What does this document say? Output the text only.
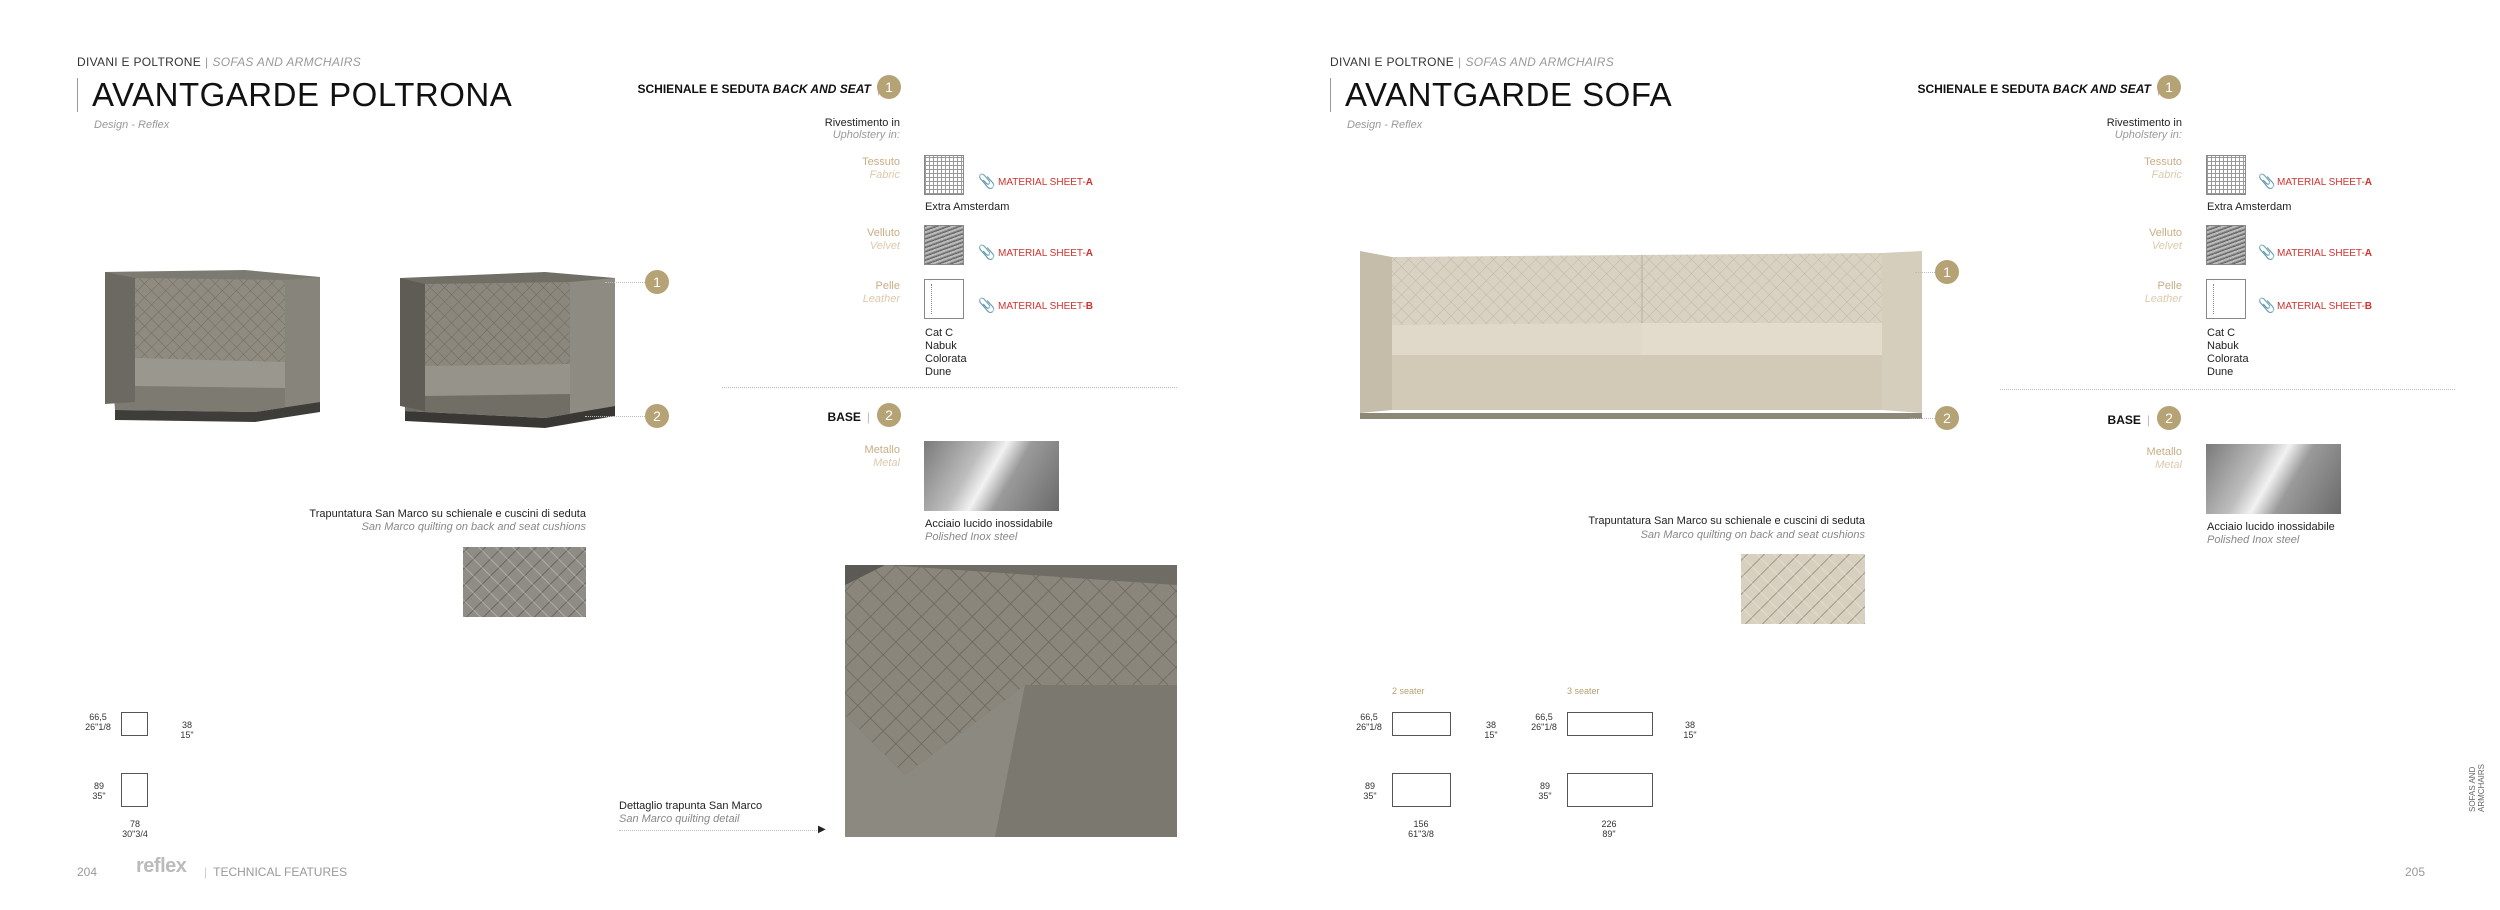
DIVANI E POLTRONE | SOFAS AND ARMCHAIRS
AVANTGARDE POLTRONA
Design - Reflex
1
2
SCHIENALE E SEDUTA BACK AND SEAT	1
Rivestimento in
Upholstery in:
Tessuto
Fabric	📎 MATERIAL SHEET-A
Extra Amsterdam
Velluto
Velvet	📎 MATERIAL SHEET-A
Pelle
Leather	📎 MATERIAL SHEET-B
Cat C
Nabuk
Colorata
Dune
BASE |	2
Metallo
Metal
Acciaio lucido inossidabile
Polished Inox steel
Trapuntatura San Marco su schienale e cuscini di seduta
San Marco quilting on back and seat cushions
Dettaglio trapunta San Marco
San Marco quilting detail
▶
66,5
26"1/8	38
15"
89
35"
78
30"3/4
204 reflex | TECHNICAL FEATURES
DIVANI E POLTRONE | SOFAS AND ARMCHAIRS
AVANTGARDE SOFA
Design - Reflex
1
2
SCHIENALE E SEDUTA BACK AND SEAT	1
Rivestimento in
Upholstery in:
Tessuto
Fabric	📎 MATERIAL SHEET-A
Extra Amsterdam
Velluto
Velvet	📎 MATERIAL SHEET-A
Pelle
Leather	📎 MATERIAL SHEET-B
Cat C
Nabuk
Colorata
Dune
BASE |	2
Metallo
Metal
Acciaio lucido inossidabile
Polished Inox steel
Trapuntatura San Marco su schienale e cuscini di seduta
San Marco quilting on back and seat cushions
2 seater
66,5
26"1/8	38
15"
89
35"
156
61"3/8
3 seater
66,5
26"1/8	38
15"
89
35"
226
89"
205
SOFAS AND ARMCHAIRS
